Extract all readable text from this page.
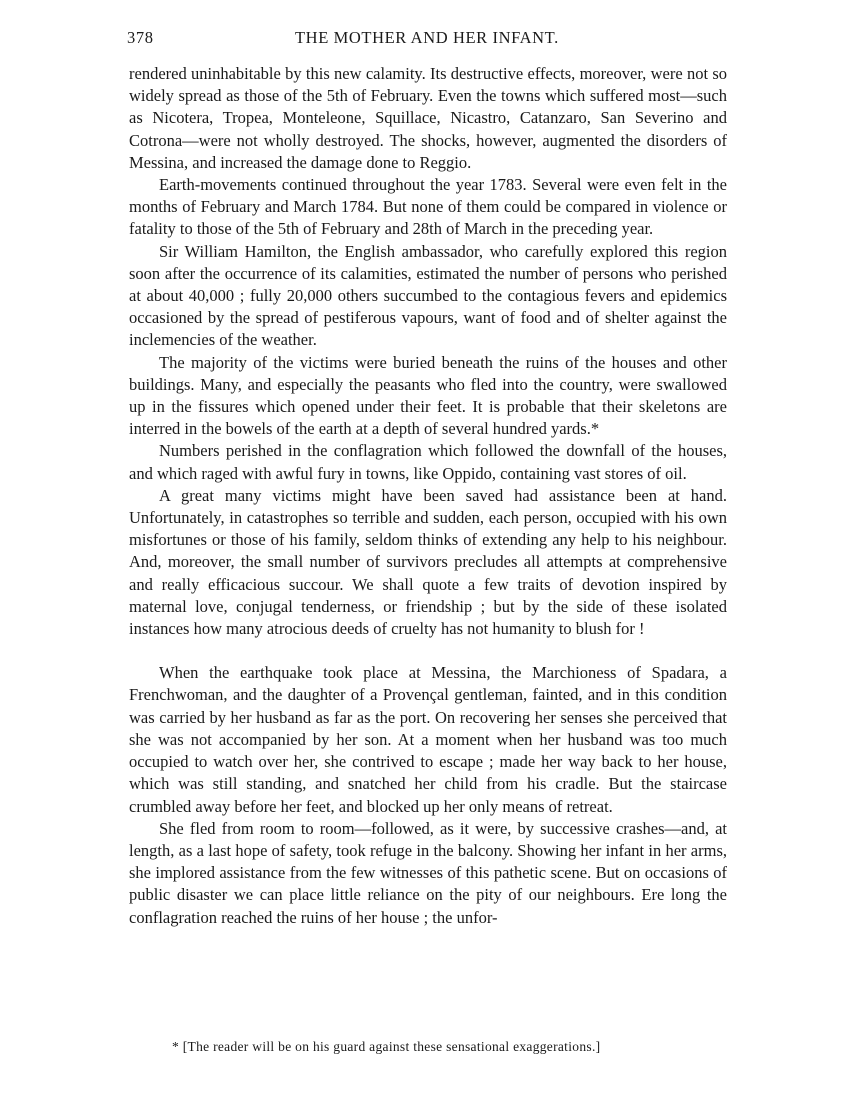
378	THE MOTHER AND HER INFANT.

rendered uninhabitable by this new calamity. Its destructive effects, moreover, were not so widely spread as those of the 5th of February. Even the towns which suffered most—such as Nicotera, Tropea, Monteleone, Squillace, Nicastro, Catanzaro, San Severino and Cotrona—were not wholly destroyed. The shocks, however, augmented the disorders of Messina, and increased the damage done to Reggio.

Earth-movements continued throughout the year 1783. Several were even felt in the months of February and March 1784. But none of them could be compared in violence or fatality to those of the 5th of February and 28th of March in the preceding year.

Sir William Hamilton, the English ambassador, who carefully explored this region soon after the occurrence of its calamities, estimated the number of persons who perished at about 40,000 ; fully 20,000 others succumbed to the contagious fevers and epidemics occasioned by the spread of pestiferous vapours, want of food and of shelter against the inclemencies of the weather.

The majority of the victims were buried beneath the ruins of the houses and other buildings. Many, and especially the peasants who fled into the country, were swallowed up in the fissures which opened under their feet. It is probable that their skeletons are interred in the bowels of the earth at a depth of several hundred yards.*

Numbers perished in the conflagration which followed the downfall of the houses, and which raged with awful fury in towns, like Oppido, containing vast stores of oil.

A great many victims might have been saved had assistance been at hand. Unfortunately, in catastrophes so terrible and sudden, each person, occupied with his own misfortunes or those of his family, seldom thinks of extending any help to his neighbour. And, moreover, the small number of survivors precludes all attempts at comprehensive and really efficacious succour. We shall quote a few traits of devotion inspired by maternal love, conjugal tenderness, or friendship ; but by the side of these isolated instances how many atrocious deeds of cruelty has not humanity to blush for !

When the earthquake took place at Messina, the Marchioness of Spadara, a Frenchwoman, and the daughter of a Provençal gentleman, fainted, and in this condition was carried by her husband as far as the port. On recovering her senses she perceived that she was not accompanied by her son. At a moment when her husband was too much occupied to watch over her, she contrived to escape ; made her way back to her house, which was still standing, and snatched her child from his cradle. But the staircase crumbled away before her feet, and blocked up her only means of retreat.

She fled from room to room—followed, as it were, by successive crashes—and, at length, as a last hope of safety, took refuge in the balcony. Showing her infant in her arms, she implored assistance from the few witnesses of this pathetic scene. But on occasions of public disaster we can place little reliance on the pity of our neighbours. Ere long the conflagration reached the ruins of her house ; the unfor-

* [The reader will be on his guard against these sensational exaggerations.]
